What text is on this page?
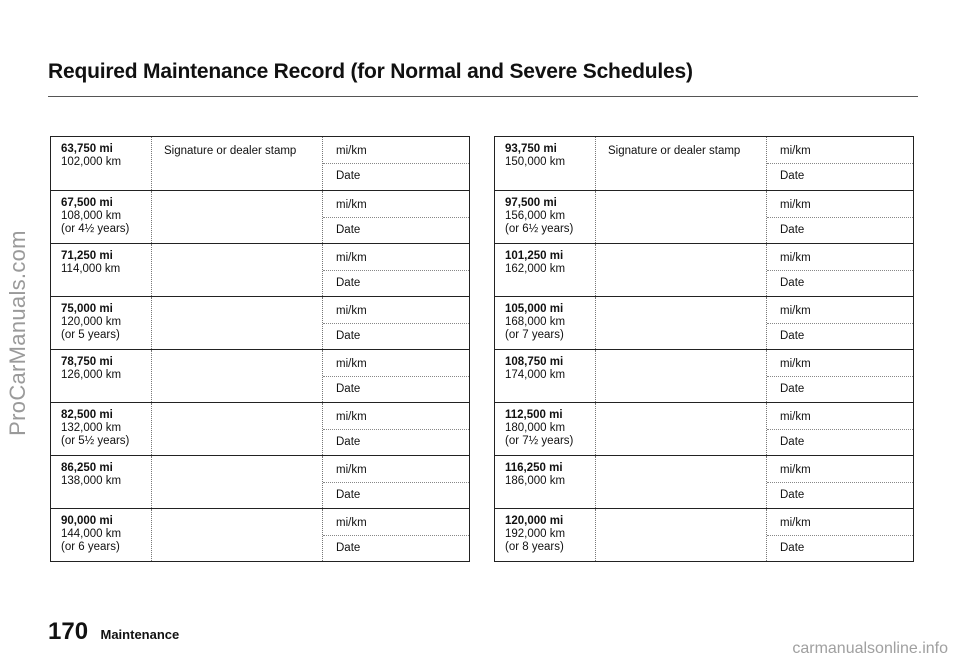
Required Maintenance Record (for Normal and Severe Schedules)
63,750 mi
102,000 km
Signature or dealer stamp	mi/km
Date
67,500 mi
108,000 km
(or 4½ years)
mi/km
Date
71,250 mi
114,000 km
mi/km
Date
75,000 mi
120,000 km
(or 5 years)
mi/km
Date
78,750 mi
126,000 km
mi/km
Date
82,500 mi
132,000 km
(or 5½ years)
mi/km
Date
86,250 mi
138,000 km
mi/km
Date
90,000 mi
144,000 km
(or 6 years)
mi/km
Date
93,750 mi
150,000 km
Signature or dealer stamp	mi/km
Date
97,500 mi
156,000 km
(or 6½ years)
mi/km
Date
101,250 mi
162,000 km
mi/km
Date
105,000 mi
168,000 km
(or 7 years)
mi/km
Date
108,750 mi
174,000 km
mi/km
Date
112,500 mi
180,000 km
(or 7½ years)
mi/km
Date
116,250 mi
186,000 km
mi/km
Date
120,000 mi
192,000 km
(or 8 years)
mi/km
Date
170 Maintenance
ProCarManuals.com
carmanualsonline.info
